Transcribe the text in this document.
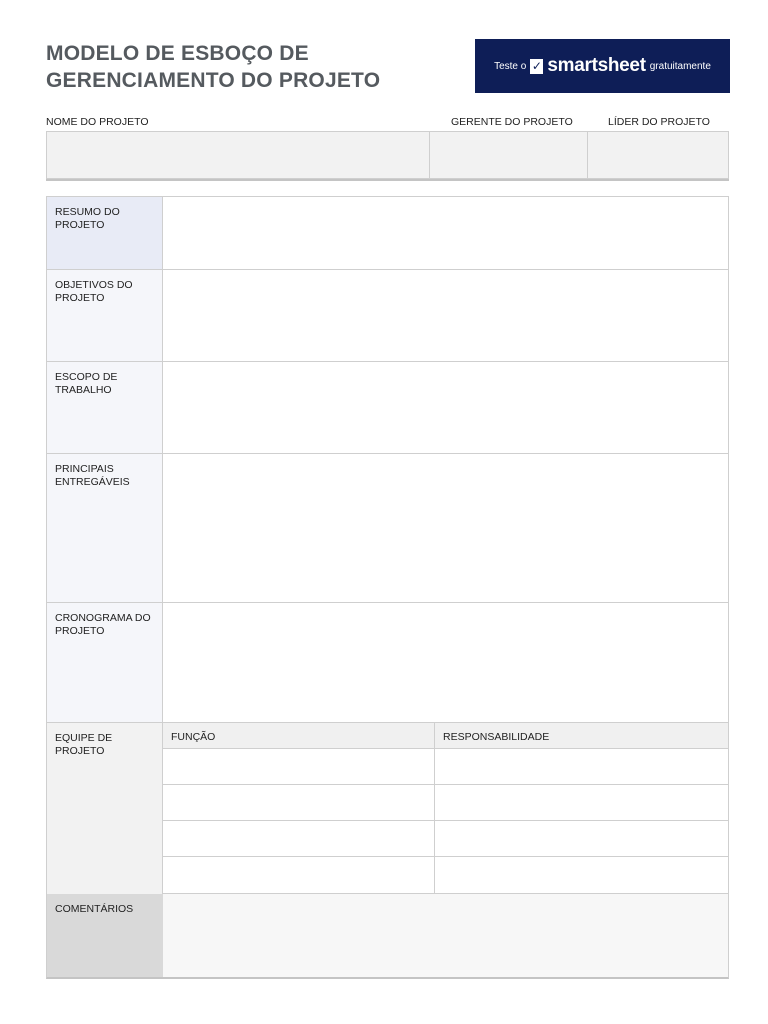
MODELO DE ESBOÇO DE
GERENCIAMENTO DO PROJETO
Teste o ✓ smartsheet gratuitamente
NOME DO PROJETO	GERENTE DO PROJETO	LÍDER DO PROJETO
RESUMO DO PROJETO
OBJETIVOS DO PROJETO
ESCOPO DE TRABALHO
PRINCIPAIS ENTREGÁVEIS
CRONOGRAMA DO PROJETO
EQUIPE DE PROJETO
FUNÇÃO	RESPONSABILIDADE
COMENTÁRIOS
